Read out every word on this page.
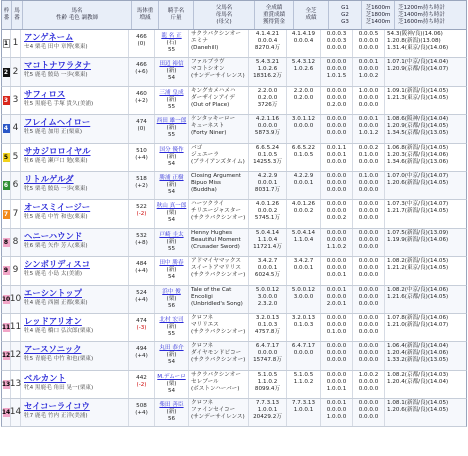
枠
番
馬
番
馬名
性齢 毛色 調教師
馬体重
増減
騎手名
斤量
父馬名
母馬名
(母父)
全成績
重賞成績
獲得賞金
全芝
成績
G1
G2
G3
芝1600m
芝1800m
芝1400m
芝1200m持ち時計
芝1400m持ち時計
芝1600m持ち時計
1 1
アンゲネーム
セ4 栗毛 田中 章博(栗東)
466
(0)
龍 名 正
(石)
55
サクラバクシンオー
エミナ
(Danehill)
4.1.4.21
0.0.0.4
8270.4万
4.1.4.19
0.0.0.4
0.0.0.3
0.0.0.3
0.0.0.0
0.0.0.5
0.0.0.0
0.0.0.0
54.3(阪神/良)(14.06)
1.20.8(新潟)(13.08)
1.31.4(東京/良)(14.06)
2 2
マコトナワラタナ
牝5 鹿毛 鮫島 一歩(栗東)
466
(+6)
田辺 裕信
(新)
54
ファルブラヴ
マコトシオン
(サンデーサイレンス)
5.4.3.21
1.0.2.6
18316.2万
5.4.3.12
1.0.2.6
0.0.0.0
0.0.0.0
1.0.1.5
0.0.0.1
0.0.0.0
1.0.0.2
1.07.1(中京/良)(14.04)
1.20.9(京都/良)(14.07)
3 3
サフィロス
牡5 黒鹿毛 手塚 貴久(美浦)
460
(+2)
三浦 皇成
(新)
55
キングカメハメハ
ダーザインアイデ
(Out of Place)
2.2.0.0
0.2.0.0
3726万
2.2.0.0
0.2.0.0
0.0.0.0
0.0.0.0
0.2.0.0
1.0.0.0
0.0.0.0
0.0.0.0
1.09.1(新潟/良)(14.05)
1.21.3(東京/良)(14.05)
4 4
フレイムヘイロー
牡5 鹿毛 加用 正(栗東)
474
(0)
西田 雄一郎
(新)
55
ケンタッキーロー
キューネスト
(Forty Niner)
4.2.1.16
0.0.0.0
5873.9万
3.0.1.12
0.0.0.0
0.0.0.0
0.0.0.0
0.0.0.0
0.0.0.1
0.0.0.0
1.0.1.2
1.08.6(阪神/良)(14.04)
1.20.9(京都/良)(14.05)
1.34.5(京都/良)(13.05)
5 5
サカジロロイヤル
牡6 鹿毛 瀬戸口 勉(栗東)
510
(+4)
国分 優作
(新)
54
バゴ
ジュエーラ
(ブライアンズタイム)
6.6.5.24
0.1.0.5
14255.3万
6.6.5.22
0.1.0.5
0.0.1.1
0.0.0.1
0.0.0.0
0.0.0.2
0.1.0.0
0.0.0.0
1.06.8(新潟/良)(14.05)
1.20.3(京都/良)(14.06)
1.34.6(新潟/良)(13.06)
6 6
リトルゲルダ
牝5 栗毛 鮫島 一歩(栗東)
518
(+2)
勝浦 正樹
(新)
54
Closing Argument
Bipuo Miss
(Buddha)
4.2.2.9
0.0.0.1
8031.7万
4.2.2.9
0.0.0.1
0.0.0.0
0.0.0.0
0.0.0.0
0.1.0.0
0.0.0.0
0.0.0.0
1.07.0(中京/良)(14.07)
1.20.6(新潟/良)(14.05)
7 7
オースミイージー
牡5 鹿毛 中竹 和也(栗東)
522
(-2)
秋山 真一郎
(栗)
54
ハーツクライ
チリエージャスター
(サクラバクシンオー)
4.0.1.26
0.0.0.2
5745.1万
4.0.1.26
0.0.0.2
0.0.0.0
0.0.0.0
0.0.0.2
0.0.0.0
0.0.0.0
0.0.0.0
1.07.3(中京/良)(14.07)
1.21.7(新潟/良)(14.05)
8 8
ヘニーハウンド
牡6 栗毛 矢作 芳人(栗東)
532
(+8)
戸崎 圭太
(新)
55
Henny Hughes
Beautiful Moment
(Crusader Sword)
5.0.4.14
1.1.0.4
11721.4万
5.0.4.14
1.1.0.4
0.0.0.0
0.0.0.0
1.1.0.2
0.0.0.0
0.0.0.0
0.0.0.0
1.07.5(新潟/良)(13.09)
1.19.9(新潟/良)(14.06)
9 9
シンボリディスコ
牡5 鹿毛 小島 太(美浦)
484
(+4)
田中 勝春
(新)
54
アドマイヤマックス
スイートアマリリス
(サクラバクシンオー)
3.4.2.7
0.0.0.1
6024.5万
3.4.2.7
0.0.0.1
0.0.0.0
0.0.0.0
0.0.0.1
0.0.0.0
0.0.0.0
0.0.0.0
1.08.2(新潟/良)(14.05)
1.21.2(東京/良)(14.05)
10 10
エーシントップ
牡4 鹿毛 西園 正都(栗東)
524
(+4)
浜中 俊
(栗)
56
Tale of the Cat
Encoligi
(Unbridled's Song)
5.0.0.12
3.0.0.0
2.3.2.0
5.0.0.12
3.0.0.0
0.0.0.1
0.0.0.0
2.0.0.1
0.0.0.0
0.0.0.0
0.0.0.0
1.08.2(中京/良)(14.06)
1.21.6(京都/良)(14.05)
11 11
レッドアリオン
牡4 鹿毛 橋口 弘次郎(栗東)
474
(-3)
北村 宏司
(新)
55
クロフネ
マリリエス
(サクラバクシンオー)
3.2.0.13
0.1.0.3
4757.8万
3.2.0.13
0.1.0.3
0.0.0.0
0.0.0.0
0.1.0.0
0.0.0.0
0.0.0.0
0.0.0.0
1.07.8(新潟/良)(14.06)
1.21.0(新潟/良)(14.07)
12 12
アースソニック
牡5 青鹿毛 中竹 和也(栗東)
494
(+4)
丸田 恭介
(新)
54
クロフネ
ダイヤモンドビコー
(サクラバクシンオー)
6.4.7.17
0.0.0.0
15747.8万
6.4.7.17
0.0.0.0
0.0.0.0
0.0.0.0
0.0.0.0
0.0.0.0
0.0.0.0
0.0.0.0
1.06.4(新潟/良)(14.04)
1.20.4(新潟/良)(14.06)
1.33.2(新潟/良)(13.05)
13 13
ベルカント
牝4 黒鹿毛 角田 晃一(栗東)
442
(-2)
M.デムーロ
(栗)
54
サクラバクシンオー
セレブール
(ボストンハーバー)
5.1.0.5
1.1.0.2
8099.4万
5.1.0.5
1.1.0.2
0.0.0.0
0.0.0.0
1.0.0.1
1.0.0.2
0.0.0.0
0.0.0.0
1.08.2(京都/良)(14.03)
1.20.4(京都/良)(14.04)
14 14
セイコーライコウ
牡7 鹿毛 竹内 正洋(美浦)
508
(+4)
柴田 善臣
(新)
56
クロフネ
ファインセイコー
(サンデーサイレンス)
7.7.3.13
1.0.0.1
20429.2万
7.7.3.13
1.0.0.1
0.0.0.1
0.0.0.0
1.0.0.0
0.0.0.0
0.0.0.0
0.0.0.0
1.08.1(新潟/良)(14.05)
1.20.6(新潟/良)(14.05)
